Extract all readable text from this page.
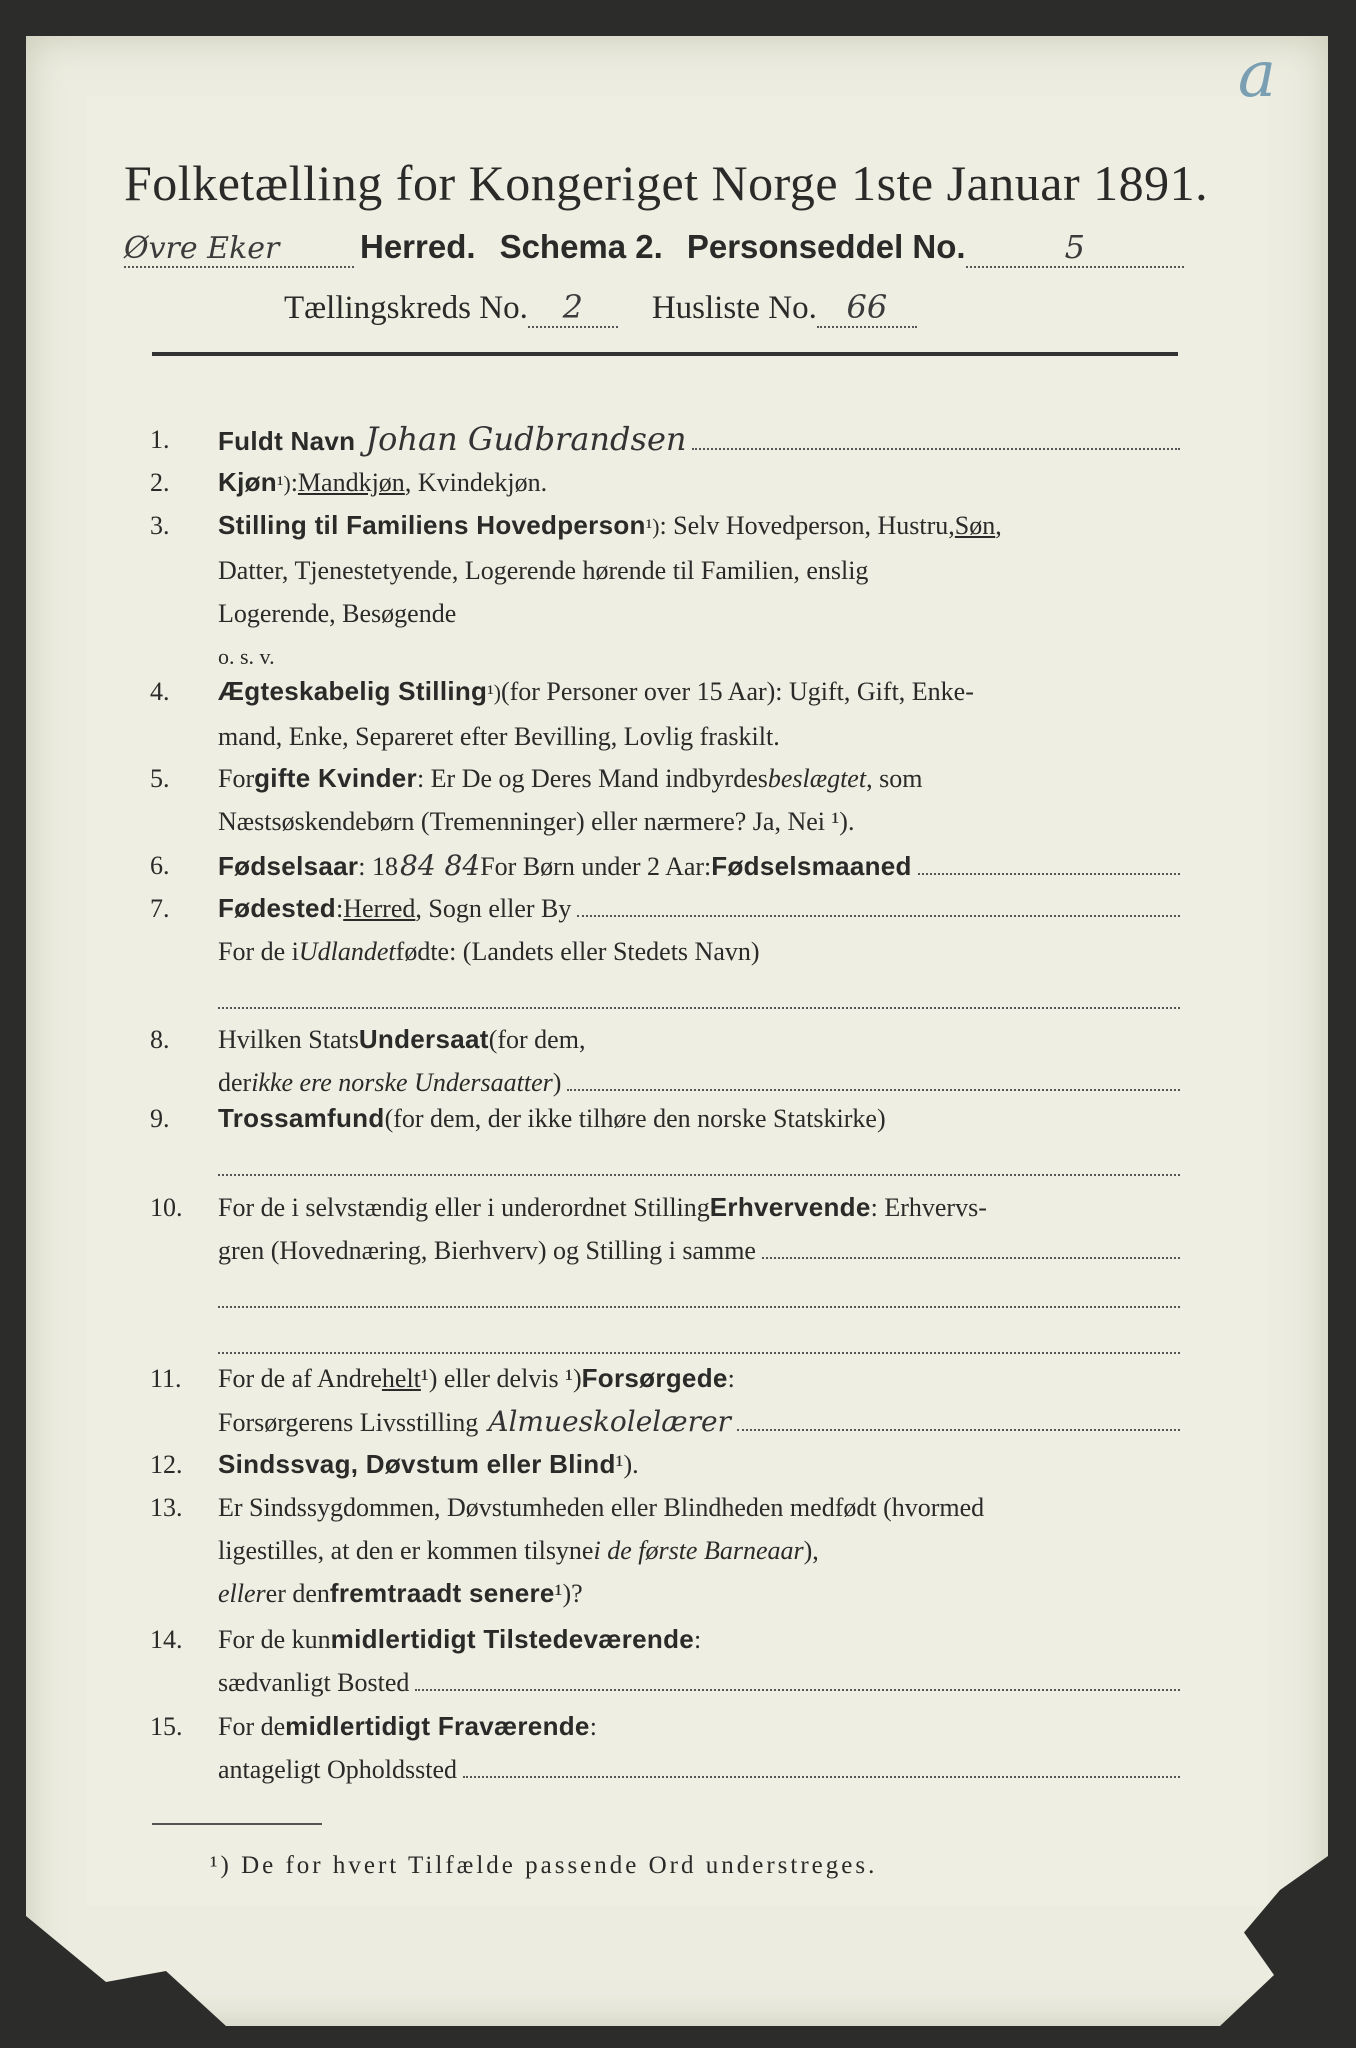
a
Folketælling for Kongeriget Norge 1ste Januar 1891.
Øvre Eker	Herred. Schema 2. Personseddel No.	5
Tællingskreds No.	2	Husliste No. 66
1.	Fuldt Navn Johan Gudbrandsen
2.	Kjøn ¹) : Mandkjøn , Kvindekjøn.
3.	Stilling til Familiens Hovedperson ¹) : Selv Hovedperson, Hustru, Søn ,
Datter, Tjenestetyende, Logerende hørende til Familien, enslig
Logerende, Besøgende
o. s. v.
4.	Ægteskabelig Stilling ¹) (for Personer over 15 Aar): Ugift, Gift, Enke-
mand, Enke, Separeret efter Bevilling, Lovlig fraskilt.
5.	For gifte Kvinder : Er De og Deres Mand indbyrdes beslægtet , som
Næstsøskendebørn (Tremenninger) eller nærmere? Ja, Nei ¹).
6.	Fødselsaar : 18 84 84 For Børn under 2 Aar: Fødselsmaaned
7.	Fødested : Herred , Sogn eller By
For de i Udlandet fødte: (Landets eller Stedets Navn)
8.	Hvilken Stats Undersaat (for dem,
der ikke ere norske Undersaatter )
9.	Trossamfund (for dem, der ikke tilhøre den norske Statskirke)
10.	For de i selvstændig eller i underordnet Stilling Erhvervende : Erhvervs-
gren (Hovednæring, Bierhverv) og Stilling i samme
11.	For de af Andre helt ¹) eller delvis ¹) Forsørgede :
Forsørgerens Livsstilling Almueskolelærer
12.	Sindssvag, Døvstum eller Blind ¹).
13.	Er Sindssygdommen, Døvstumheden eller Blindheden medfødt (hvormed
ligestilles, at den er kommen tilsyne i de første Barneaar ),
eller er den fremtraadt senere ¹)?
14.	For de kun midlertidigt Tilstedeværende :
sædvanligt Bosted
15.	For de midlertidigt Fraværende :
antageligt Opholdssted
¹) De for hvert Tilfælde passende Ord understreges.
